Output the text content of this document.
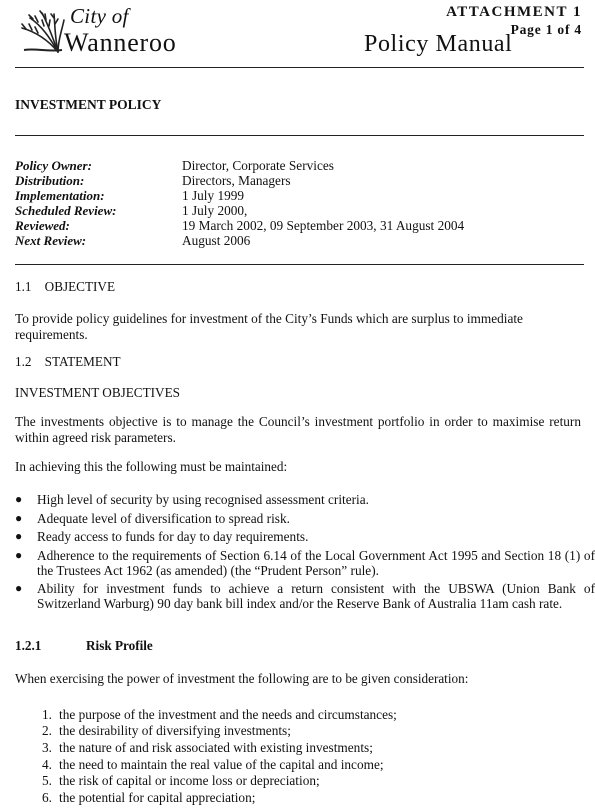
City of
Wanneroo
ATTACHMENT 1
Page 1 of 4
Policy Manual
INVESTMENT POLICY
Policy Owner:	Director, Corporate Services
Distribution:	Directors, Managers
Implementation:	1 July 1999
Scheduled Review:	1 July 2000,
Reviewed:	19 March 2002, 09 September 2003, 31 August 2004
Next Review:	August 2006
1.1    OBJECTIVE
To provide policy guidelines for investment of the City’s Funds which are surplus to immediate requirements.
1.2    STATEMENT
INVESTMENT OBJECTIVES
The investments objective is to manage the Council’s investment portfolio in order to maximise return within agreed risk parameters.
In achieving this the following must be maintained:
● High level of security by using recognised assessment criteria.
● Adequate level of diversification to spread risk.
● Ready access to funds for day to day requirements.
● Adherence to the requirements of Section 6.14 of the Local Government Act 1995 and Section 18 (1) of the Trustees Act 1962 (as amended) (the “Prudent Person” rule).
● Ability for investment funds to achieve a return consistent with the UBSWA (Union Bank of Switzerland Warburg) 90 day bank bill index and/or the Reserve Bank of Australia 11am cash rate.
1.2.1	Risk Profile
When exercising the power of investment the following are to be given consideration:
1. the purpose of the investment and the needs and circumstances;
2. the desirability of diversifying investments;
3. the nature of and risk associated with existing investments;
4. the need to maintain the real value of the capital and income;
5. the risk of capital or income loss or depreciation;
6. the potential for capital appreciation;
